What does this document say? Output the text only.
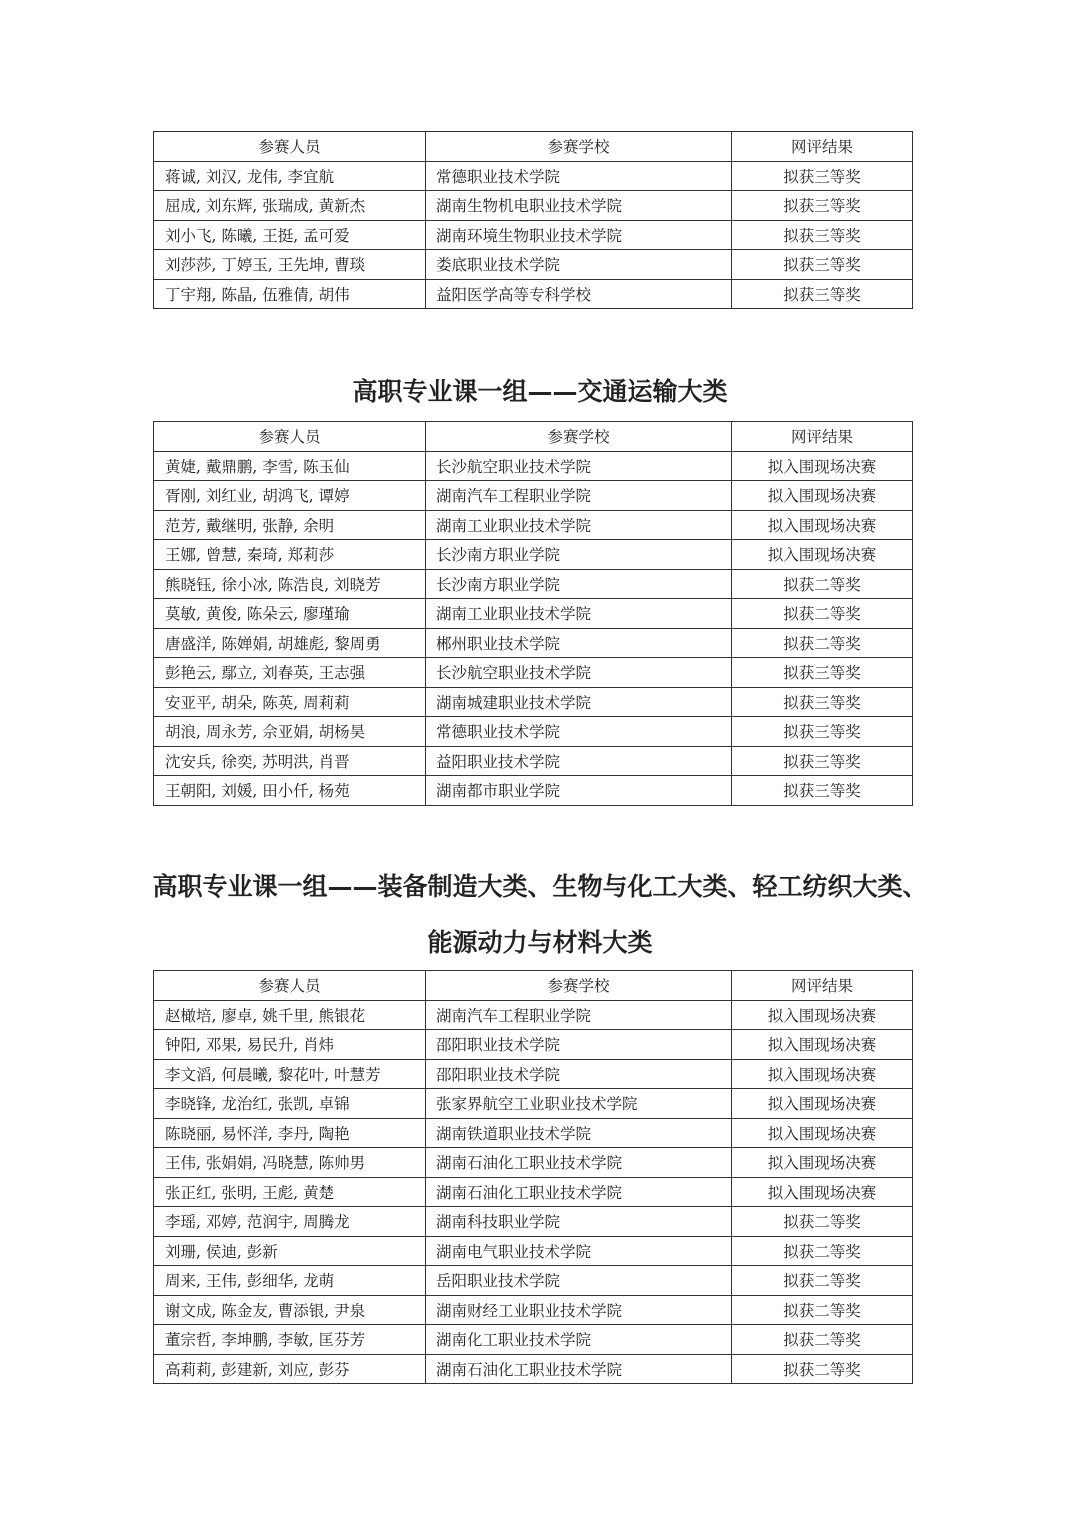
参赛人员	参赛学校	网评结果
蒋诚, 刘汉, 龙伟, 李宜航	常德职业技术学院	拟获三等奖
屈成, 刘东辉, 张瑞成, 黄新杰	湖南生物机电职业技术学院	拟获三等奖
刘小飞, 陈曦, 王挺, 孟可爱	湖南环境生物职业技术学院	拟获三等奖
刘莎莎, 丁婷玉, 王先坤, 曹琰	娄底职业技术学院	拟获三等奖
丁宇翔, 陈晶, 伍雅倩, 胡伟	益阳医学高等专科学校	拟获三等奖
高职专业课一组——交通运输大类
参赛人员	参赛学校	网评结果
黄婕, 戴鼎鹏, 李雪, 陈玉仙	长沙航空职业技术学院	拟入围现场决赛
胥刚, 刘红业, 胡鸿飞, 谭婷	湖南汽车工程职业学院	拟入围现场决赛
范芳, 戴继明, 张静, 余明	湖南工业职业技术学院	拟入围现场决赛
王娜, 曾慧, 秦琦, 郑莉莎	长沙南方职业学院	拟入围现场决赛
熊晓钰, 徐小冰, 陈浩良, 刘晓芳	长沙南方职业学院	拟获二等奖
莫敏, 黄俊, 陈朵云, 廖瑾瑜	湖南工业职业技术学院	拟获二等奖
唐盛洋, 陈婵娟, 胡雄彪, 黎周勇	郴州职业技术学院	拟获二等奖
彭艳云, 鄢立, 刘春英, 王志强	长沙航空职业技术学院	拟获三等奖
安亚平, 胡朵, 陈英, 周莉莉	湖南城建职业技术学院	拟获三等奖
胡浪, 周永芳, 佘亚娟, 胡杨昊	常德职业技术学院	拟获三等奖
沈安兵, 徐奕, 苏明洪, 肖晋	益阳职业技术学院	拟获三等奖
王朝阳, 刘媛, 田小仟, 杨苑	湖南都市职业学院	拟获三等奖
高职专业课一组——装备制造大类、生物与化工大类、轻工纺织大类、
能源动力与材料大类
参赛人员	参赛学校	网评结果
赵橄培, 廖卓, 姚千里, 熊银花	湖南汽车工程职业学院	拟入围现场决赛
钟阳, 邓果, 易民升, 肖炜	邵阳职业技术学院	拟入围现场决赛
李文滔, 何晨曦, 黎花叶, 叶慧芳	邵阳职业技术学院	拟入围现场决赛
李晓锋, 龙治红, 张凯, 卓锦	张家界航空工业职业技术学院	拟入围现场决赛
陈晓丽, 易怀洋, 李丹, 陶艳	湖南铁道职业技术学院	拟入围现场决赛
王伟, 张娟娟, 冯晓慧, 陈帅男	湖南石油化工职业技术学院	拟入围现场决赛
张正红, 张明, 王彪, 黄楚	湖南石油化工职业技术学院	拟入围现场决赛
李瑶, 邓婷, 范润宇, 周腾龙	湖南科技职业学院	拟获二等奖
刘珊, 侯迪, 彭新	湖南电气职业技术学院	拟获二等奖
周来, 王伟, 彭细华, 龙萌	岳阳职业技术学院	拟获二等奖
谢文成, 陈金友, 曹添银, 尹泉	湖南财经工业职业技术学院	拟获二等奖
董宗哲, 李坤鹏, 李敏, 匡芬芳	湖南化工职业技术学院	拟获二等奖
高莉莉, 彭建新, 刘应, 彭芬	湖南石油化工职业技术学院	拟获二等奖
